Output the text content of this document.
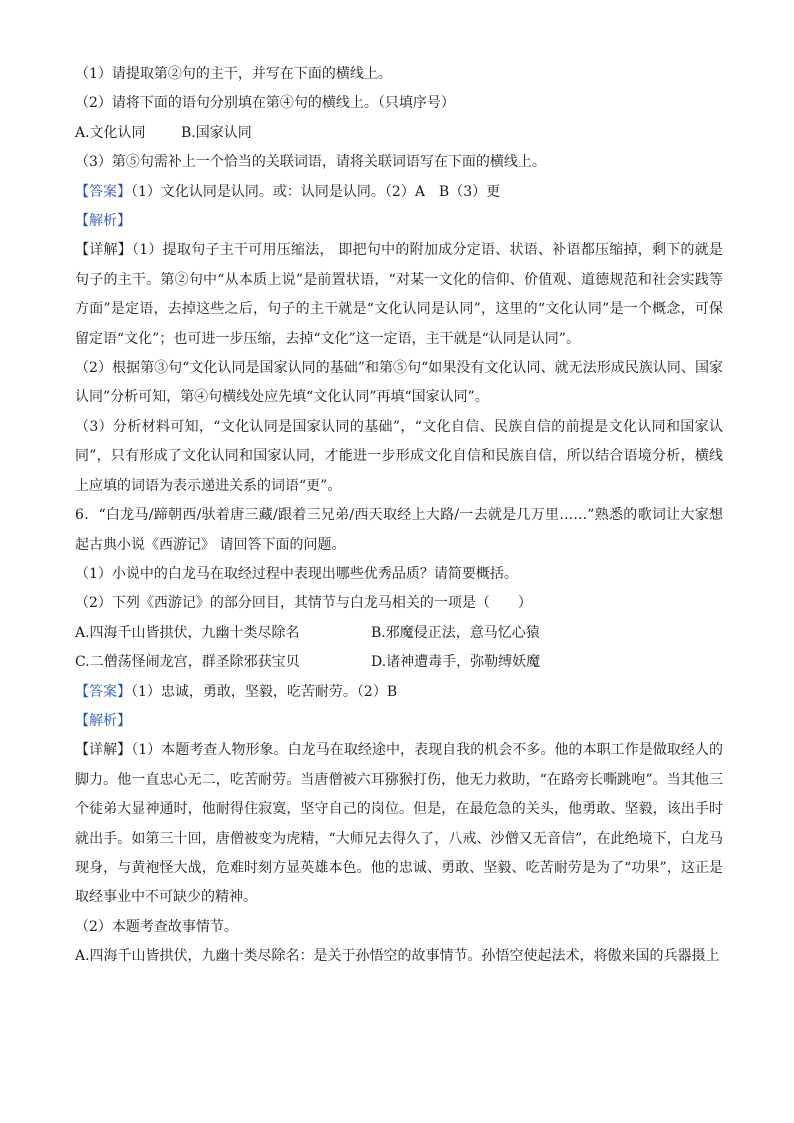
（1）请提取第②句的主干，并写在下面的横线上。
（2）请将下面的语句分别填在第④句的横线上。（只填序号）
A.文化认同	B.国家认同
（3）第⑤句需补上一个恰当的关联词语，请将关联词语写在下面的横线上。
【答案】（1）文化认同是认同。或：认同是认同。（2）A　B（3）更
【解析】

【详解】（1）提取句子主干可用压缩法， 即把句中的附加成分定语、状语、补语都压缩掉，剩下的就是句子的主干。第②句中“从本质上说”是前置状语，“对某一文化的信仰、价值观、道德规范和社会实践等方面”是定语，去掉这些之后，句子的主干就是“文化认同是认同”，这里的“文化认同”是一个概念，可保留定语“文化”；也可进一步压缩，去掉“文化”这一定语，主干就是“认同是认同”。

（2）根据第③句“文化认同是国家认同的基础”和第⑤句“如果没有文化认同、就无法形成民族认同、国家认同”分析可知，第④句横线处应先填“文化认同”再填“国家认同”。

（3）分析材料可知，“文化认同是国家认同的基础”，“文化自信、民族自信的前提是文化认同和国家认同”，只有形成了文化认同和国家认同，才能进一步形成文化自信和民族自信，所以结合语境分析，横线上应填的词语为表示递进关系的词语“更”。

6．“白龙马/蹄朝西/驮着唐三藏/跟着三兄弟/西天取经上大路/一去就是几万里……”熟悉的歌词让大家想起古典小说《西游记》 请回答下面的问题。

（1）小说中的白龙马在取经过程中表现出哪些优秀品质？请简要概括。
（2）下列《西游记》的部分回目，其情节与白龙马相关的一项是（　　）
A.四海千山皆拱伏，九幽十类尽除名	B.邪魔侵正法，意马忆心猿
C.二僧荡怪闹龙宫，群圣除邪获宝贝	D.诸神遭毒手，弥勒缚妖魔
【答案】（1）忠诚，勇敢，坚毅，吃苦耐劳。（2）B
【解析】

【详解】（1）本题考查人物形象。白龙马在取经途中，表现自我的机会不多。他的本职工作是做取经人的脚力。他一直忠心无二，吃苦耐劳。当唐僧被六耳猕猴打伤，他无力救助，“在路旁长嘶跳咆”。当其他三个徒弟大显神通时，他耐得住寂寞，坚守自己的岗位。但是，在最危急的关头，他勇敢、坚毅，该出手时就出手。如第三十回，唐僧被变为虎精，“大师兄去得久了，八戒、沙僧又无音信”，在此绝境下，白龙马现身，与黄袍怪大战，危难时刻方显英雄本色。他的忠诚、勇敢、坚毅、吃苦耐劳是为了“功果”，这正是取经事业中不可缺少的精神。

（2）本题考查故事情节。
A.四海千山皆拱伏，九幽十类尽除名：是关于孙悟空的故事情节。孙悟空使起法术，将傲来国的兵器摄上
